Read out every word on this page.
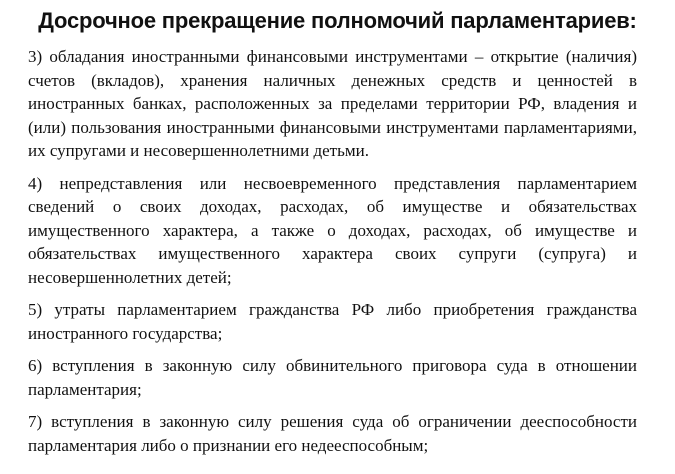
Досрочное прекращение полномочий парламентариев:

3) обладания иностранными финансовыми инструментами – открытие (наличия) счетов (вкладов), хранения наличных денежных средств и ценностей в иностранных банках, расположенных за пределами территории РФ, владения и (или) пользования иностранными финансовыми инструментами парламентариями, их супругами и несовершеннолетними детьми.

4) непредставления или несвоевременного представления парламентарием сведений о своих доходах, расходах, об имуществе и обязательствах имущественного характера, а также о доходах, расходах, об имуществе и обязательствах имущественного характера своих супруги (супруга) и несовершеннолетних детей;

5) утраты парламентарием гражданства РФ либо приобретения гражданства иностранного государства;

6) вступления в законную силу обвинительного приговора суда в отношении парламентария;

7) вступления в законную силу решения суда об ограничении дееспособности парламентария либо о признании его недееспособным;
